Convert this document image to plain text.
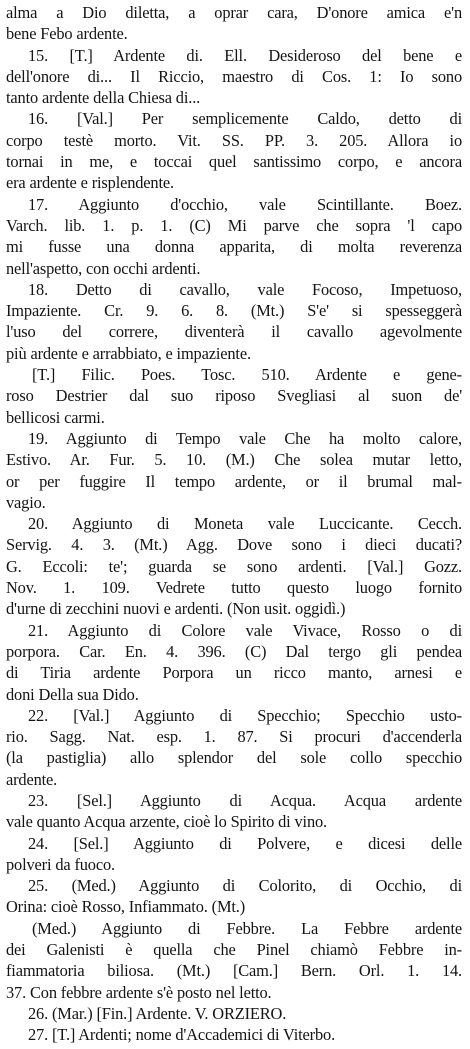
alma a Dio diletta, a oprar cara, D'onore amica e'n
bene Febo ardente.
15. [T.] Ardente di. Ell. Desideroso del bene e
dell'onore di... Il Riccio, maestro di Cos. 1: Io sono
tanto ardente della Chiesa di...
16. [Val.] Per semplicemente Caldo, detto di
corpo testè morto. Vit. SS. PP. 3. 205. Allora io
tornai in me, e toccai quel santissimo corpo, e ancora
era ardente e risplendente.
17. Aggiunto d'occhio, vale Scintillante. Boez.
Varch. lib. 1. p. 1. (C) Mi parve che sopra 'l capo
mi fusse una donna apparita, di molta reverenza
nell'aspetto, con occhi ardenti.
18. Detto di cavallo, vale Focoso, Impetuoso,
Impaziente. Cr. 9. 6. 8. (Mt.) S'e' si spesseggerà
l'uso del correre, diventerà il cavallo agevolmente
più ardente e arrabbiato, e impaziente.
[T.] Filic. Poes. Tosc. 510. Ardente e gene-
roso Destrier dal suo riposo Svegliasi al suon de'
bellicosi carmi.
19. Aggiunto di Tempo vale Che ha molto calore,
Estivo. Ar. Fur. 5. 10. (M.) Che solea mutar letto,
or per fuggire Il tempo ardente, or il brumal mal-
vagio.
20. Aggiunto di Moneta vale Luccicante. Cecch.
Servig. 4. 3. (Mt.) Agg. Dove sono i dieci ducati?
G. Eccoli: te'; guarda se sono ardenti. [Val.] Gozz.
Nov. 1. 109. Vedrete tutto questo luogo fornito
d'urne di zecchini nuovi e ardenti. (Non usit. oggidì.)
21. Aggiunto di Colore vale Vivace, Rosso o di
porpora. Car. En. 4. 396. (C) Dal tergo gli pendea
di Tiria ardente Porpora un ricco manto, arnesi e
doni Della sua Dido.
22. [Val.] Aggiunto di Specchio; Specchio usto-
rio. Sagg. Nat. esp. 1. 87. Si procuri d'accenderla
(la pastiglia) allo splendor del sole collo specchio
ardente.
23. [Sel.] Aggiunto di Acqua. Acqua ardente
vale quanto Acqua arzente, cioè lo Spirito di vino.
24. [Sel.] Aggiunto di Polvere, e dicesi delle
polveri da fuoco.
25. (Med.) Aggiunto di Colorito, di Occhio, di
Orina: cioè Rosso, Infiammato. (Mt.)
(Med.) Aggiunto di Febbre. La Febbre ardente
dei Galenisti è quella che Pinel chiamò Febbre in-
fiammatoria biliosa. (Mt.) [Cam.] Bern. Orl. 1. 14.
37. Con febbre ardente s'è posto nel letto.
26. (Mar.) [Fin.] Ardente. V. ORZIERO.
27. [T.] Ardenti; nome d'Accademici di Viterbo.
